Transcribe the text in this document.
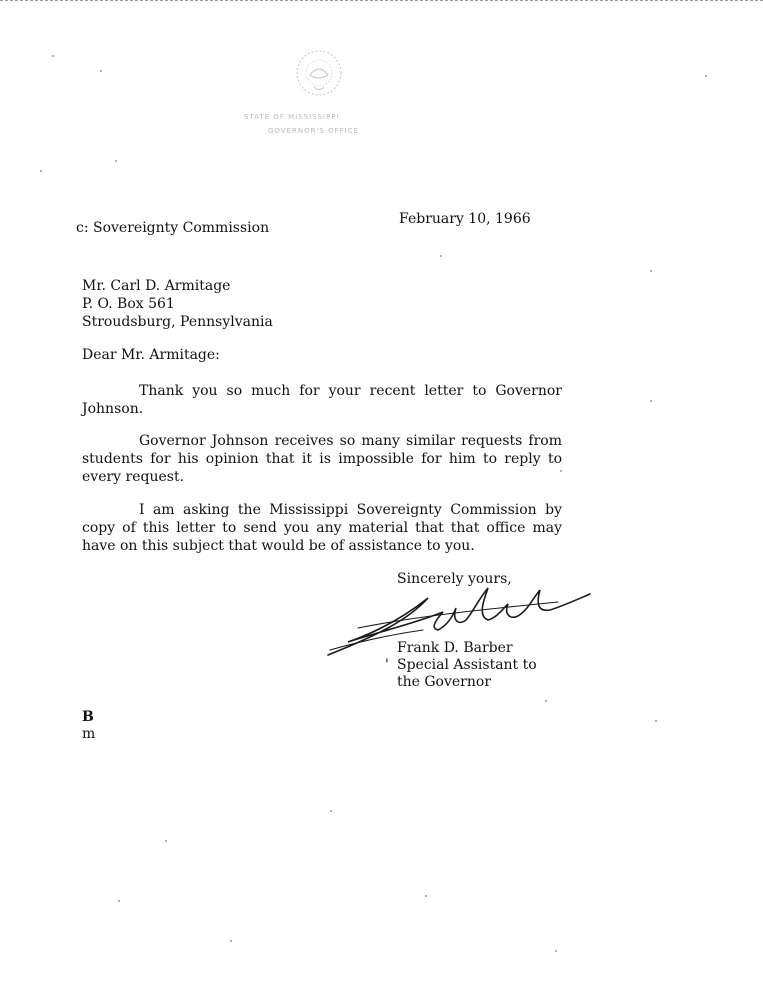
STATE OF MISSISSIPPI
GOVERNOR'S OFFICE
c: Sovereignty Commission
February 10, 1966
Mr. Carl D. Armitage
P. O. Box 561
Stroudsburg, Pennsylvania
Dear Mr. Armitage:
Thank you so much for your recent letter to Governor Johnson.
Governor Johnson receives so many similar requests from students for his opinion that it is impossible for him to reply to every request.
I am asking the Mississippi Sovereignty Commission by copy of this letter to send you any material that that office may have on this subject that would be of assistance to you.
Sincerely yours,
Frank D. Barber
' Special Assistant to
the Governor
B
m
